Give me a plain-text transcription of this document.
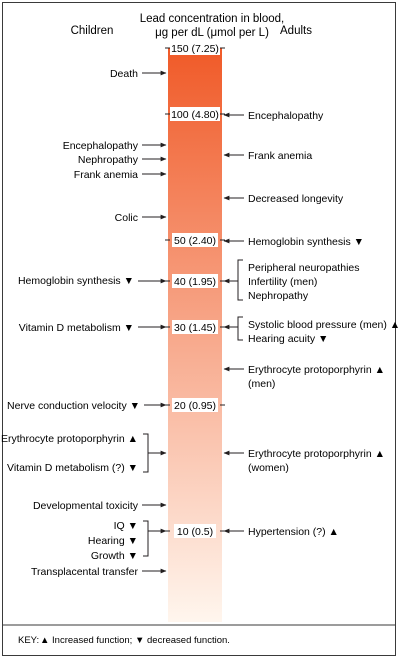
Children
Lead concentration in blood,
μg per dL (μmol per L) Adults
150 (7.25)
100 (4.80)
50 (2.40)
40 (1.95)
30 (1.45)
20 (0.95)
10 (0.5)
Death
Encephalopathy
Nephropathy
Frank anemia
Colic
Hemoglobin synthesis ▼
Vitamin D metabolism ▼
Nerve conduction velocity ▼
Erythrocyte protoporphyrin ▲
Vitamin D metabolism (?) ▼
Developmental toxicity
IQ ▼
Hearing ▼
Growth ▼
Transplacental transfer
Encephalopathy
Frank anemia
Decreased longevity
Hemoglobin synthesis ▼
Peripheral neuropathies
Infertility (men)
Nephropathy
Systolic blood pressure (men) ▲
Hearing acuity ▼
Erythrocyte protoporphyrin ▲
(men)
Erythrocyte protoporphyrin ▲
(women)
Hypertension (?) ▲
KEY: ▲ Increased function; ▼ decreased function.
